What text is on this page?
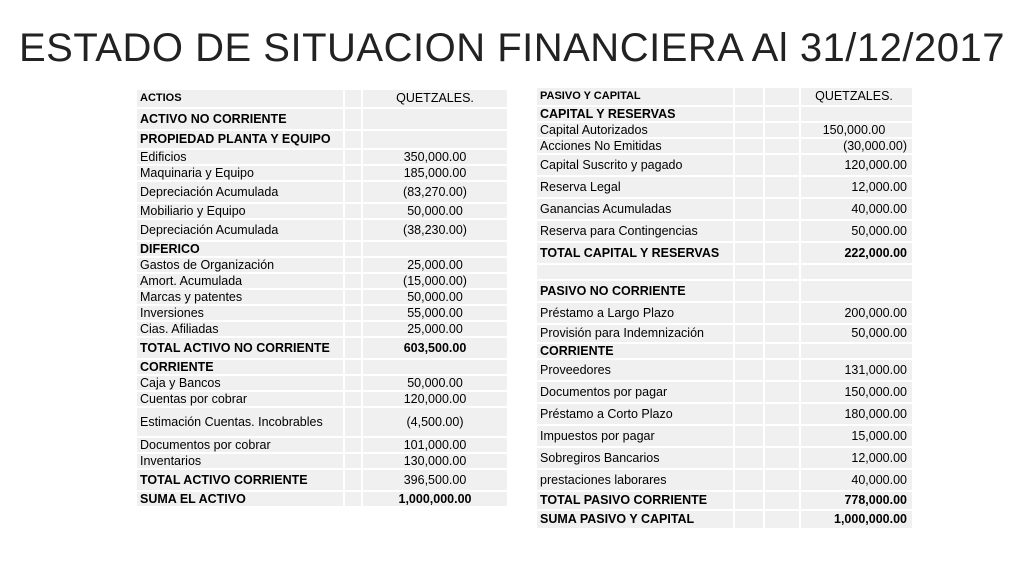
ESTADO DE SITUACION FINANCIERA Al 31/12/2017
ACTIOS		QUETZALES.
ACTIVO NO CORRIENTE		
PROPIEDAD PLANTA Y EQUIPO		
Edificios		350,000.00
Maquinaria y Equipo		185,000.00
Depreciación Acumulada		(83,270.00)
Mobiliario y Equipo		50,000.00
Depreciación Acumulada		(38,230.00)
DIFERICO		
Gastos de Organización		25,000.00
Amort. Acumulada		(15,000.00)
Marcas y patentes		50,000.00
Inversiones		55,000.00
Cias. Afiliadas		25,000.00
TOTAL ACTIVO NO CORRIENTE		603,500.00
CORRIENTE		
Caja y Bancos		50,000.00
Cuentas por cobrar		120,000.00
Estimación Cuentas. Incobrables		(4,500.00)
Documentos por cobrar		101,000.00
Inventarios		130,000.00
TOTAL ACTIVO CORRIENTE		396,500.00
SUMA EL ACTIVO		1,000,000.00
PASIVO Y CAPITAL			QUETZALES.
CAPITAL Y RESERVAS			
Capital Autorizados			150,000.00
Acciones No Emitidas			(30,000.00)
Capital Suscrito y pagado			120,000.00
Reserva Legal			12,000.00
Ganancias Acumuladas			40,000.00
Reserva para Contingencias			50,000.00
TOTAL CAPITAL Y RESERVAS			222,000.00

PASIVO NO CORRIENTE			
Préstamo a Largo Plazo			200,000.00
Provisión para Indemnización			50,000.00
CORRIENTE			
Proveedores			131,000.00
Documentos por pagar			150,000.00
Préstamo a Corto Plazo			180,000.00
Impuestos por pagar			15,000.00
Sobregiros Bancarios			12,000.00
prestaciones laborares			40,000.00
TOTAL PASIVO CORRIENTE			778,000.00
SUMA PASIVO Y CAPITAL			1,000,000.00
